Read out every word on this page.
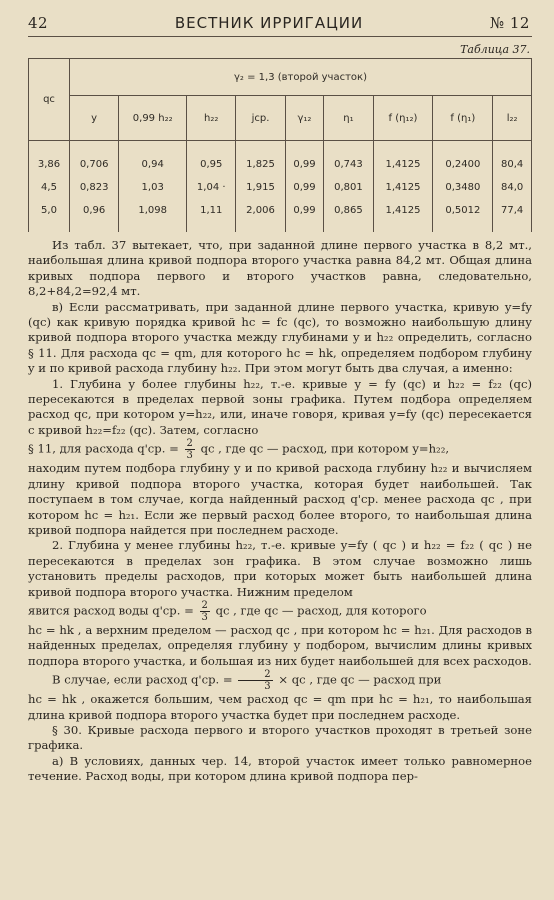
42	ВЕСТНИК ИРРИГАЦИИ	№ 12
Таблица 37.
qc	γ₂ = 1,3 (второй участок)								
	y	0,99 h₂₂	h₂₂	jср.	γ₁₂	η₁	f (η₁₂)	f (η₁)	l₂₂
3,86	0,706	0,94	0,95	1,825	0,99	0,743	1,4125	0,2400	80,4
4,5	0,823	1,03	1,04 ·	1,915	0,99	0,801	1,4125	0,3480	84,0
5,0	0,96	1,098	1,11	2,006	0,99	0,865	1,4125	0,5012	77,4

Из табл. 37 вытекает, что, при заданной длине первого участка в 8,2 мт., наибольшая длина кривой подпора второго участка равна 84,2 мт. Общая длина кривых подпора первого и второго участков равна, следовательно, 8,2+84,2=92,4 мт.

в) Если рассматривать, при заданной длине первого участка, кривую y=fy (qc) как кривую порядка кривой hc = fc (qc), то возможно наибольшую длину кривой подпора второго участка между глубинами y и h₂₂ определить, согласно § 11. Для расхода qc = qm, для которого hc = hk, определяем подбором глубину y и по кривой расхода глубину h₂₂. При этом могут быть два случая, а именно:

1. Глубина y более глубины h₂₂, т.-е. кривые y = fy (qc) и h₂₂ = f₂₂ (qc) пересекаются в пределах первой зоны графика. Путем подбора определяем расход qc, при котором y=h₂₂, или, иначе говоря, кривая y=fy (qc) пересекается с кривой h₂₂=f₂₂ (qc). Затем, согласно

§ 11, для расхода q'ср. = $\frac{2}{3}$ qc , где qc — расход, при котором y=h₂₂,

находим путем подбора глубину y и по кривой расхода глубину h₂₂ и вычисляем длину кривой подпора второго участка, которая будет наибольшей. Так поступаем в том случае, когда найденный расход q'ср. менее расхода qc , при котором hc = h₂₁. Если же первый расход более второго, то наибольшая длина кривой подпора найдется при последнем расходе.

2. Глубина y менее глубины h₂₂, т.-е. кривые y=fy ( qc ) и h₂₂ = f₂₂ ( qc ) не пересекаются в пределах зон графика. В этом случае возможно лишь установить пределы расходов, при которых может быть наибольшей длина кривой подпора второго участка. Нижним пределом

явится расход воды q'ср. = $\frac{2}{3}$ qc , где qc — расход, для которого

hc = hk , а верхним пределом — расход qc , при котором hc = h₂₁. Для расходов в найденных пределах, определяя глубину y подбором, вычислим длины кривых подпора второго участка, и большая из них будет наибольшей для всех расходов.

В случае, если расход q'ср. = $\frac{2}{3}$ × qc , где qc — расход при

hc = hk , окажется большим, чем расход qc = qm при hc = h₂₁, то наибольшая длина кривой подпора второго участка будет при последнем расходе.

§ 30. Кривые расхода первого и второго участков проходят в третьей зоне графика.

а) В условиях, данных чер. 14, второй участок имеет только равномерное течение. Расход воды, при котором длина кривой подпора пер-
